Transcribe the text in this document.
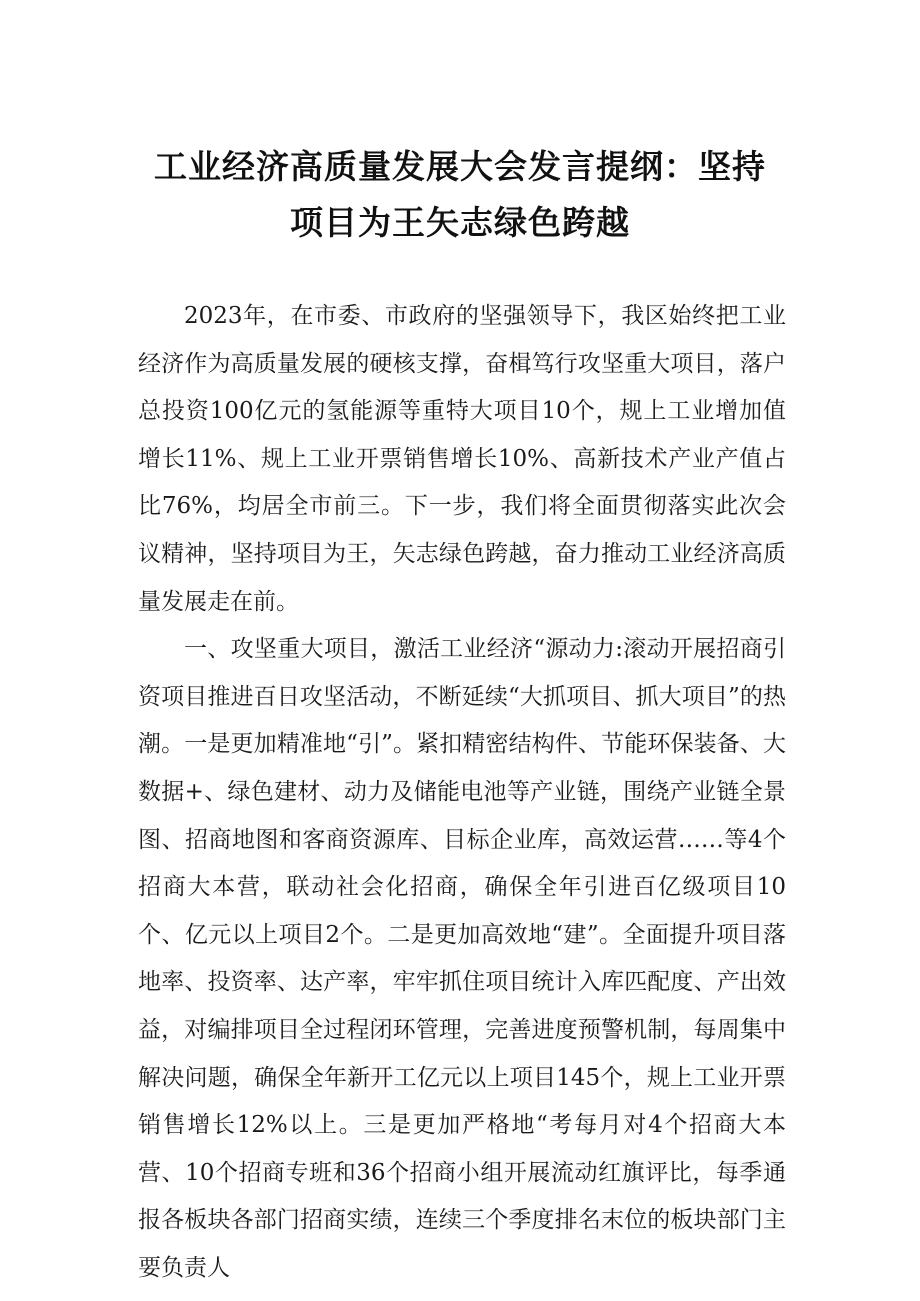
工业经济高质量发展大会发言提纲：坚持
项目为王矢志绿色跨越

2023年，在市委、市政府的坚强领导下，我区始终把工业经济作为高质量发展的硬核支撑，奋楫笃行攻坚重大项目，落户总投资100亿元的氢能源等重特大项目10个，规上工业增加值增长11%、规上工业开票销售增长10%、高新技术产业产值占比76%，均居全市前三。下一步，我们将全面贯彻落实此次会议精神，坚持项目为王，矢志绿色跨越，奋力推动工业经济高质量发展走在前。

一、攻坚重大项目，激活工业经济“源动力:滚动开展招商引资项目推进百日攻坚活动，不断延续“大抓项目、抓大项目”的热潮。一是更加精准地“引”。紧扣精密结构件、节能环保装备、大数据+、绿色建材、动力及储能电池等产业链，围绕产业链全景图、招商地图和客商资源库、目标企业库，高效运营……等4个招商大本营，联动社会化招商，确保全年引进百亿级项目10个、亿元以上项目2个。二是更加高效地“建”。全面提升项目落地率、投资率、达产率，牢牢抓住项目统计入库匹配度、产出效益，对编排项目全过程闭环管理，完善进度预警机制，每周集中解决问题，确保全年新开工亿元以上项目145个，规上工业开票销售增长12%以上。三是更加严格地“考每月对4个招商大本营、10个招商专班和36个招商小组开展流动红旗评比，每季通报各板块各部门招商实绩，连续三个季度排名末位的板块部门主要负责人
